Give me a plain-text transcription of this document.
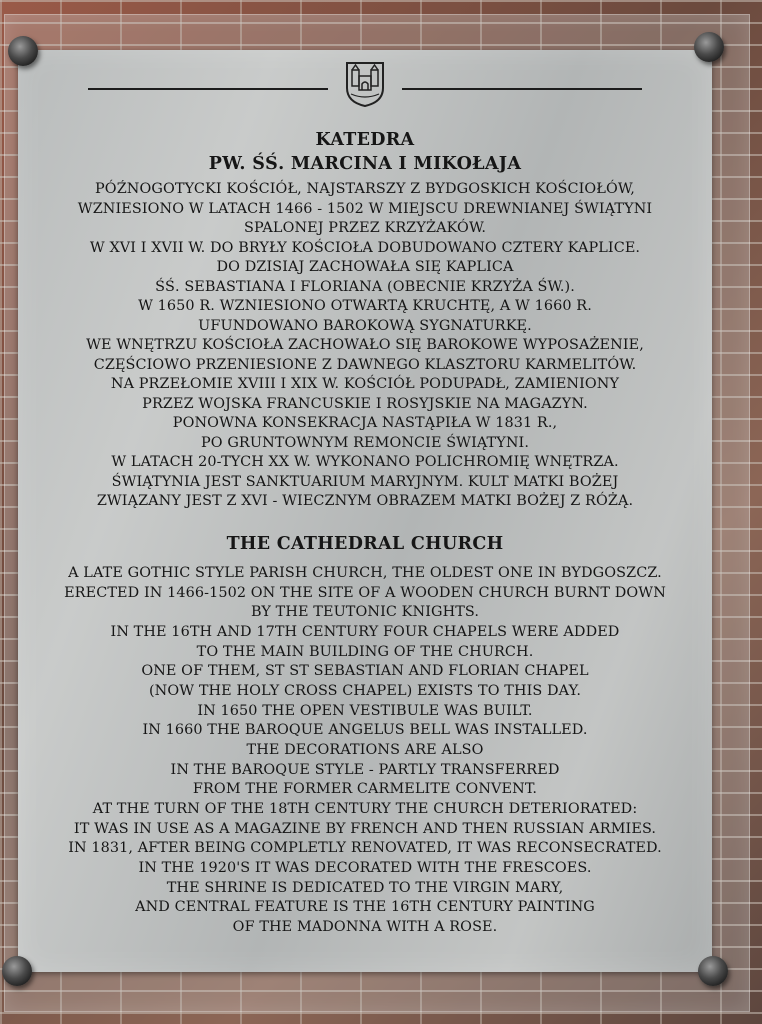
KATEDRA
PW. ŚŚ. MARCINA I MIKOŁAJA
PÓŹNOGOTYCKI KOŚCIÓŁ, NAJSTARSZY Z BYDGOSKICH KOŚCIOŁÓW,
WZNIESIONO W LATACH 1466 - 1502 W MIEJSCU DREWNIANEJ ŚWIĄTYNI
SPALONEJ PRZEZ KRZYŻAKÓW.
W XVI I XVII W. DO BRYŁY KOŚCIOŁA DOBUDOWANO CZTERY KAPLICE.
DO DZISIAJ ZACHOWAŁA SIĘ KAPLICA
ŚŚ. SEBASTIANA I FLORIANA (OBECNIE KRZYŻA ŚW.).
W 1650 R. WZNIESIONO OTWARTĄ KRUCHTĘ, A W 1660 R.
UFUNDOWANO BAROKOWĄ SYGNATURKĘ.
WE WNĘTRZU KOŚCIOŁA ZACHOWAŁO SIĘ BAROKOWE WYPOSAŻENIE,
CZĘŚCIOWO PRZENIESIONE Z DAWNEGO KLASZTORU KARMELITÓW.
NA PRZEŁOMIE XVIII I XIX W. KOŚCIÓŁ PODUPADŁ, ZAMIENIONY
PRZEZ WOJSKA FRANCUSKIE I ROSYJSKIE NA MAGAZYN.
PONOWNA KONSEKRACJA NASTĄPIŁA W 1831 R.,
PO GRUNTOWNYM REMONCIE ŚWIĄTYNI.
W LATACH 20-TYCH XX W. WYKONANO POLICHROMIĘ WNĘTRZA.
ŚWIĄTYNIA JEST SANKTUARIUM MARYJNYM. KULT MATKI BOŻEJ
ZWIĄZANY JEST Z XVI - WIECZNYM OBRAZEM MATKI BOŻEJ Z RÓŻĄ.
THE CATHEDRAL CHURCH
A LATE GOTHIC STYLE PARISH CHURCH, THE OLDEST ONE IN BYDGOSZCZ.
ERECTED IN 1466-1502 ON THE SITE OF A WOODEN CHURCH BURNT DOWN
BY THE TEUTONIC KNIGHTS.
IN THE 16TH AND 17TH CENTURY FOUR CHAPELS WERE ADDED
TO THE MAIN BUILDING OF THE CHURCH.
ONE OF THEM, ST ST SEBASTIAN AND FLORIAN CHAPEL
(NOW THE HOLY CROSS CHAPEL) EXISTS TO THIS DAY.
IN 1650 THE OPEN VESTIBULE WAS BUILT.
IN 1660 THE BAROQUE ANGELUS BELL WAS INSTALLED.
THE DECORATIONS ARE ALSO
IN THE BAROQUE STYLE - PARTLY TRANSFERRED
FROM THE FORMER CARMELITE CONVENT.
AT THE TURN OF THE 18TH CENTURY THE CHURCH DETERIORATED:
IT WAS IN USE AS A MAGAZINE BY FRENCH AND THEN RUSSIAN ARMIES.
IN 1831, AFTER BEING COMPLETLY RENOVATED, IT WAS RECONSECRATED.
IN THE 1920'S IT WAS DECORATED WITH THE FRESCOES.
THE SHRINE IS DEDICATED TO THE VIRGIN MARY,
AND CENTRAL FEATURE IS THE 16TH CENTURY PAINTING
OF THE MADONNA WITH A ROSE.
